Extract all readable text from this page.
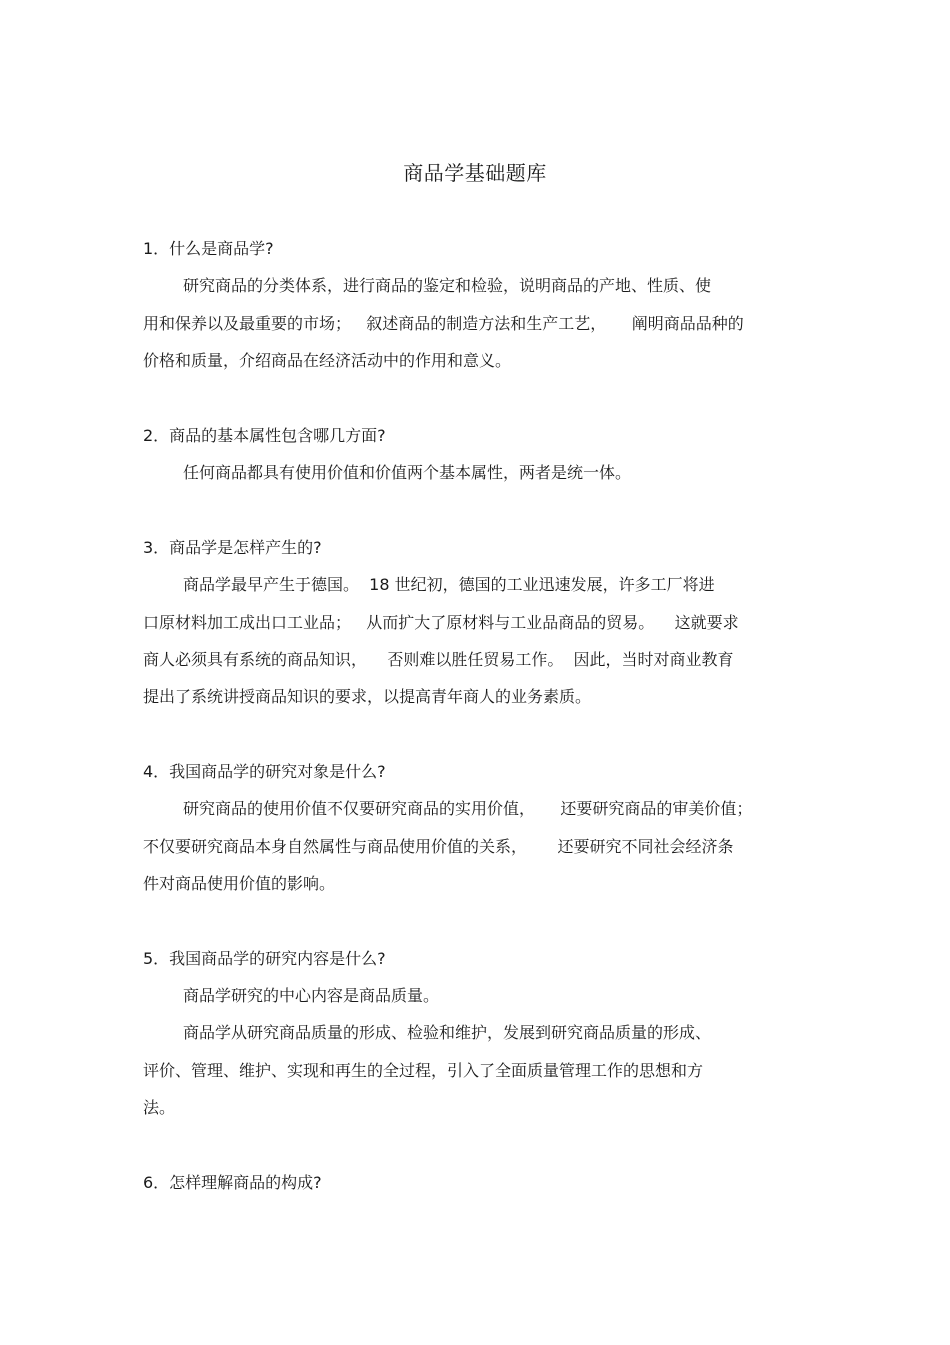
商品学基础题库
1．什么是商品学?
研究商品的分类体系，进行商品的鉴定和检验，说明商品的产地、性质、使
用和保养以及最重要的市场；   叙述商品的制造方法和生产工艺，     阐明商品品种的
价格和质量，介绍商品在经济活动中的作用和意义。
2．商品的基本属性包含哪几方面?
任何商品都具有使用价值和价值两个基本属性，两者是统一体。
3．商品学是怎样产生的?
商品学最早产生于德国。  18 世纪初，德国的工业迅速发展，许多工厂将进
口原材料加工成出口工业品；   从而扩大了原材料与工业品商品的贸易。    这就要求
商人必须具有系统的商品知识，    否则难以胜任贸易工作。  因此，当时对商业教育
提出了系统讲授商品知识的要求，以提高青年商人的业务素质。
4．我国商品学的研究对象是什么?
研究商品的使用价值不仅要研究商品的实用价值，     还要研究商品的审美价值；
不仅要研究商品本身自然属性与商品使用价值的关系，      还要研究不同社会经济条
件对商品使用价值的影响。
5．我国商品学的研究内容是什么?
商品学研究的中心内容是商品质量。
商品学从研究商品质量的形成、检验和维护，发展到研究商品质量的形成、
评价、管理、维护、实现和再生的全过程，引入了全面质量管理工作的思想和方
法。
6．怎样理解商品的构成?
